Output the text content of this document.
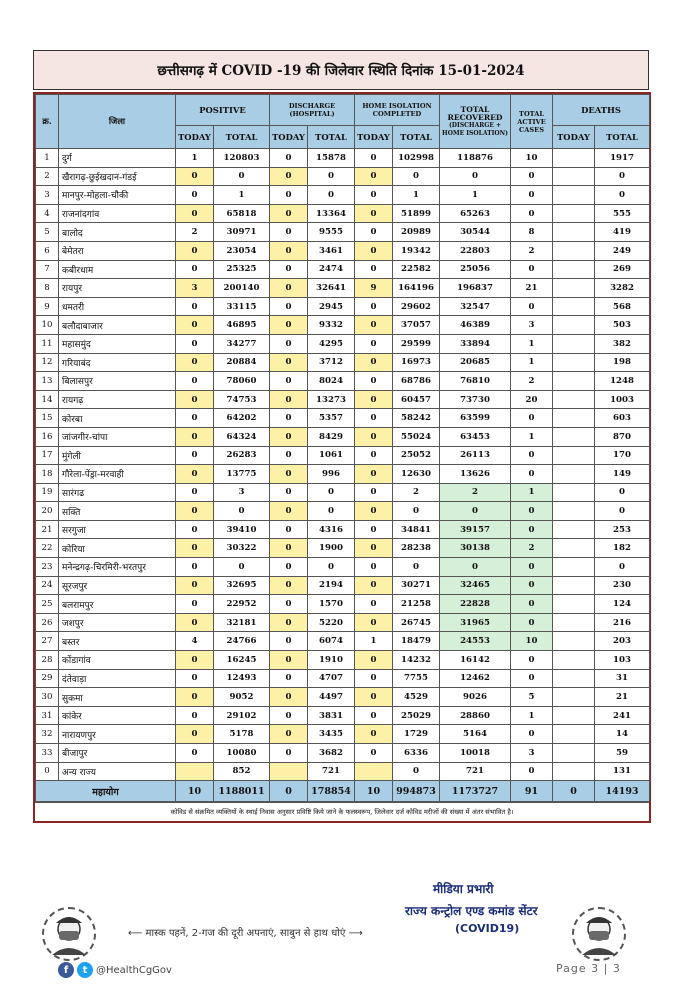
छत्तीसगढ़ में COVID -19 की जिलेवार स्थिति दिनांक 15-01-2024
क्र.	जिला	POSITIVE		DISCHARGE (HOSPITAL)		HOME ISOLATION COMPLETED		TOTAL RECOVERED
(DISCHARGE + HOME ISOLATION)	TOTAL ACTIVE CASES	DEATHS	
		TODAY	TOTAL	TODAY	TOTAL	TODAY	TOTAL			TODAY	TOTAL
1	दुर्ग	1	120803	0	15878	0	102998	118876	10		1917
2	खैरागढ़-छुईखदान-गंडई	0	0	0	0	0	0	0	0		0
3	मानपुर-मोहला-चौकी	0	1	0	0	0	1	1	0		0
4	राजनांदगांव	0	65818	0	13364	0	51899	65263	0		555
5	बालोद	2	30971	0	9555	0	20989	30544	8		419
6	बेमेतरा	0	23054	0	3461	0	19342	22803	2		249
7	कबीरधाम	0	25325	0	2474	0	22582	25056	0		269
8	रायपुर	3	200140	0	32641	9	164196	196837	21		3282
9	धमतरी	0	33115	0	2945	0	29602	32547	0		568
10	बलौदाबाजार	0	46895	0	9332	0	37057	46389	3		503
11	महासमुंद	0	34277	0	4295	0	29599	33894	1		382
12	गरियाबंद	0	20884	0	3712	0	16973	20685	1		198
13	बिलासपुर	0	78060	0	8024	0	68786	76810	2		1248
14	रायगढ़	0	74753	0	13273	0	60457	73730	20		1003
15	कोरबा	0	64202	0	5357	0	58242	63599	0		603
16	जांजगीर-चांपा	0	64324	0	8429	0	55024	63453	1		870
17	मुंगेली	0	26283	0	1061	0	25052	26113	0		170
18	गौरेला-पेंड्रा-मरवाही	0	13775	0	996	0	12630	13626	0		149
19	सारंगढ	0	3	0	0	0	2	2	1		0
20	सक्ति	0	0	0	0	0	0	0	0		0
21	सरगुजा	0	39410	0	4316	0	34841	39157	0		253
22	कोरिया	0	30322	0	1900	0	28238	30138	2		182
23	मनेन्द्रगढ़-चिरमिरी-भरतपुर	0	0	0	0	0	0	0	0		0
24	सूरजपुर	0	32695	0	2194	0	30271	32465	0		230
25	बलरामपुर	0	22952	0	1570	0	21258	22828	0		124
26	जशपुर	0	32181	0	5220	0	26745	31965	0		216
27	बस्तर	4	24766	0	6074	1	18479	24553	10		203
28	कोंडागांव	0	16245	0	1910	0	14232	16142	0		103
29	दंतेवाड़ा	0	12493	0	4707	0	7755	12462	0		31
30	सुकमा	0	9052	0	4497	0	4529	9026	5		21
31	कांकेर	0	29102	0	3831	0	25029	28860	1		241
32	नारायणपुर	0	5178	0	3435	0	1729	5164	0		14
33	बीजापुर	0	10080	0	3682	0	6336	10018	3		59
0	अन्य राज्य		852		721		0	721	0		131
महायोग		10	1188011	0	178854	10	994873	1173727	91	0	14193
कोविड से संक्रमित व्यक्तियों के स्थाई निवास अनुसार प्रविष्टि किये जाने के फलस्वरूप, जिलेवार दर्ज कोविड मरीजों की संख्या में अंतर संभावित है।
मीडिया प्रभारी
राज्य कन्ट्रोल एण्ड कमांड सेंटर
(COVID19)
⟵ मास्क पहनें, 2-गज की दूरी अपनाएं, साबुन से हाथ धोएं ⟶
f	t @HealthCgGov	Page 3 | 3
